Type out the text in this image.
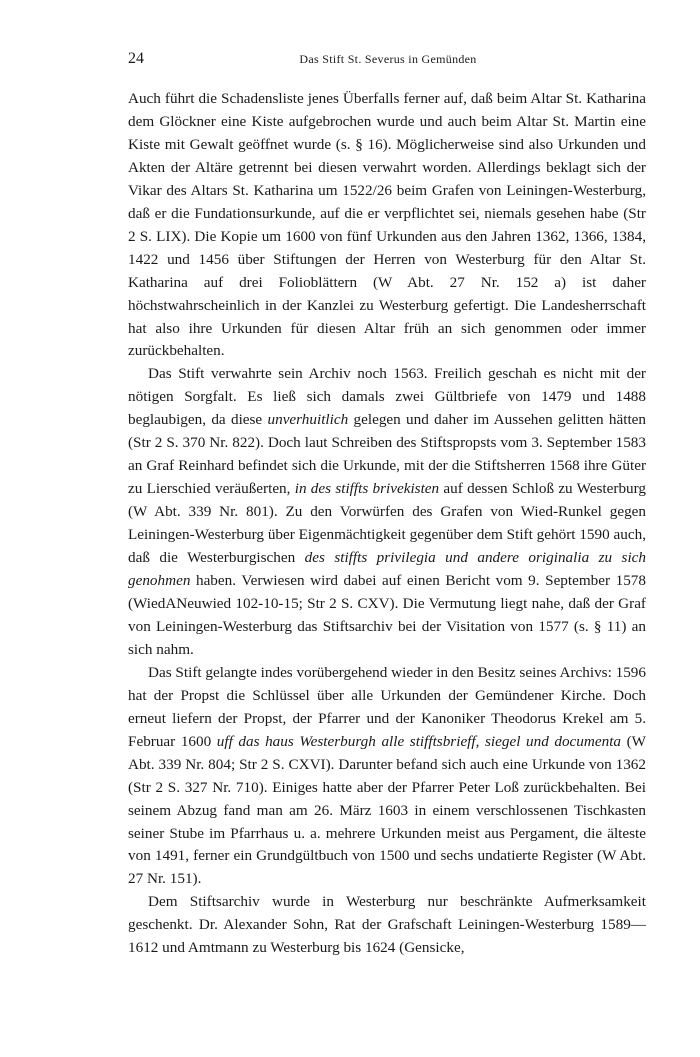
24	Das Stift St. Severus in Gemünden

Auch führt die Schadensliste jenes Überfalls ferner auf, daß beim Altar St. Katharina dem Glöckner eine Kiste aufgebrochen wurde und auch beim Altar St. Martin eine Kiste mit Gewalt geöffnet wurde (s. § 16). Möglicherweise sind also Urkunden und Akten der Altäre getrennt bei diesen verwahrt worden. Allerdings beklagt sich der Vikar des Altars St. Katharina um 1522/26 beim Grafen von Leiningen-Westerburg, daß er die Fundationsurkunde, auf die er verpflichtet sei, niemals gesehen habe (Str 2 S. LIX). Die Kopie um 1600 von fünf Urkunden aus den Jahren 1362, 1366, 1384, 1422 und 1456 über Stiftungen der Herren von Westerburg für den Altar St. Katharina auf drei Folioblättern (W Abt. 27 Nr. 152 a) ist daher höchstwahrscheinlich in der Kanzlei zu Westerburg gefertigt. Die Landesherrschaft hat also ihre Urkunden für diesen Altar früh an sich genommen oder immer zurückbehalten.

Das Stift verwahrte sein Archiv noch 1563. Freilich geschah es nicht mit der nötigen Sorgfalt. Es ließ sich damals zwei Gültbriefe von 1479 und 1488 beglaubigen, da diese unverhuitlich gelegen und daher im Aussehen gelitten hätten (Str 2 S. 370 Nr. 822). Doch laut Schreiben des Stiftspropsts vom 3. September 1583 an Graf Reinhard befindet sich die Urkunde, mit der die Stiftsherren 1568 ihre Güter zu Lierschied veräußerten, in des stiffts brivekisten auf dessen Schloß zu Westerburg (W Abt. 339 Nr. 801). Zu den Vorwürfen des Grafen von Wied-Runkel gegen Leiningen-Westerburg über Eigenmächtigkeit gegenüber dem Stift gehört 1590 auch, daß die Westerburgischen des stiffts privilegia und andere originalia zu sich genohmen haben. Verwiesen wird dabei auf einen Bericht vom 9. September 1578 (WiedANeuwied 102-10-15; Str 2 S. CXV). Die Vermutung liegt nahe, daß der Graf von Leiningen-Westerburg das Stiftsarchiv bei der Visitation von 1577 (s. § 11) an sich nahm.

Das Stift gelangte indes vorübergehend wieder in den Besitz seines Archivs: 1596 hat der Propst die Schlüssel über alle Urkunden der Gemündener Kirche. Doch erneut liefern der Propst, der Pfarrer und der Kanoniker Theodorus Krekel am 5. Februar 1600 uff das haus Westerburgh alle stifftsbrieff, siegel und documenta (W Abt. 339 Nr. 804; Str 2 S. CXVI). Darunter befand sich auch eine Urkunde von 1362 (Str 2 S. 327 Nr. 710). Einiges hatte aber der Pfarrer Peter Loß zurückbehalten. Bei seinem Abzug fand man am 26. März 1603 in einem verschlossenen Tischkasten seiner Stube im Pfarrhaus u. a. mehrere Urkunden meist aus Pergament, die älteste von 1491, ferner ein Grundgültbuch von 1500 und sechs undatierte Register (W Abt. 27 Nr. 151).

Dem Stiftsarchiv wurde in Westerburg nur beschränkte Aufmerksamkeit geschenkt. Dr. Alexander Sohn, Rat der Grafschaft Leiningen-Westerburg 1589—1612 und Amtmann zu Westerburg bis 1624 (Gensicke,
